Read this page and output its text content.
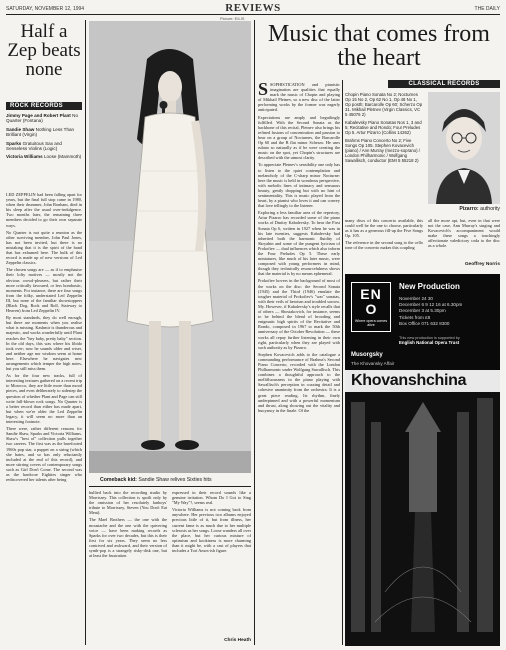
SATURDAY, NOVEMBER 12, 1994	REVIEWS	THE DAILY
Half a Zep beats none
ROCK RECORDS
Jimmy Page and Robert Plant No Quarter (Fontana)
Sandie Shaw Nothing Less Than Brilliant (Virgin)
Sparks Gratuitous Sax and Senseless Violins (Logic)
Victoria Williams Loose (Mammoth)

LED ZEPPELIN had been falling apart for years, but the final full stop came in 1980, when their drummer, John Bonham, died in his sleep after the usual over-indulgence. Two months later, the remaining three members decided to go their own separate ways.

No Quarter is not quite a reunion as the other surviving member, John Paul Jones, has not been invited, but there is no mistaking that it is the spirit of the band that has exhumed here. The bulk of this record is made up of new versions of Led Zeppelin classics.

The chosen songs are — as if to emphasise their lofty motives — mostly not the obvious crowd-pleasers, but rather their more critically favoured, or less bombastic, moments. For instance, there are four songs from the folky, understated Led Zeppelin III, but none of the familiar showstoppers (Black Dog, Rock and Roll, Stairway to Heaven) from Led Zeppelin IV.

By most standards, they do well enough, but there are moments when you realise what is missing. Kashmir is thunderous and majestic, and works wonderfully until Plant reaches the "hey baby, pretty baby" section. In the old days, this was where his libido took over; now he sounds older and wiser, and neither age nor wisdom seem at home here. Elsewhere he navigates new arrangements which temper the high notes, but you still miss them.

As for the four new tracks, full of interesting textures gathered on a recent trip to Morocco, they are little more than mood pieces, and even deliberately to sidestep the question of whether Plant and Page can still write full-blown rock songs. No Quarter is a better record than either has made apart, but when we're older the Led Zeppelin legacy, it will seem no more than an interesting footnote.

There were, rather different reasons for Sandie Shaw, Sparks and Victoria Williams. Shaw's "best of" collection pulls together two careers. The first was as the barefooted 1960s pop star, a puppet on a string (which she hates, and so has only reluctantly included at the end of this record), and more stirring covers of contemporary songs such as Girl Don't Come. The second was as the hardcore Eighties singer who rediscovered her talents after being

Picture: EILIS
Comeback kid: Sandie Shaw relives Sixties hits

bullied back into the recording studio by Morrissey. This collection is spoilt only by the omission of her resolutely fanboys' tribute to Morrissey, Steven (You Don't Eat Meat).

The Mael Brothers — the one with the moustache and the one with the quivering voice — have been making records as Sparks for over two decades, but this is their first for six years. They seem no less contrived and awkward, and their version of synth-pop is a strangely risky-disk one, but at least the frustration

expressed in their record sounds like a genuine irritation. Whom Do I Got to Sing "My Way"?, seems real.

Victoria Williams is not coming back from anywhere. Her previous two albums enjoyed precious little of it, but from illness, her current fame is as much due to her multiple sclerosis as her songs. Loose wanders all over the place, but her curious mixture of optimism and kookiness is more charming than it might be, with a cast of players that includes a Tori Amos-ish figure.

Chris Heath
Music that comes from the heart
CLASSICAL RECORDS

SSOPHISTICATION and pianistic imagination are qualities that equally mark the music of Chopin and playing of Mikhail Pletnev, so a new disc of the latter performing works by the former was eagerly anticipated.

Expectations are amply and beguilingly fulfilled. With the Second Sonata as the backbone of this recital, Pletnev also brings his refined fusions of concentration and passion to bear on a group of Nocturnes, the Barcarolle Op 60 and the B flat minor Scherzo. He uses rubato so naturally as if he were creating the music on the spot, yet Chopin's structures are described with the utmost clarity.

To appreciate Pletnev's sensibility one only has to listen to the quiet contemplation and melancholy of the C-sharp minor Nocturne: here the music is held in wondrous perspective, with melodic lines of intimacy and sensuous beauty, gently dropping but with no hint of sentimentality. This is music played from the heart, by a pianist who loves it and can convey that love tellingly to the listener.

Exploring a less familiar area of the repertory, Artur Pizarro has recorded some of the piano works of Dmitry Kabalevsky. To hear the First Sonata Op 6, written in 1927 when he was in his late twenties, suggests Kabalevsky had inherited both the harmonic fluidity of Skryabin and some of the pungent lyricism of Prokofiev — dual influences which also inform the Four Preludes Op 5. These early miniatures, like much of his later music, were composed with young performers in mind, though they technically resourcefulness shows that the material is by no means ephemeral.

Prokofiev hovers in the background of most of the works on the disc: the Second Sonata (1945) and the Third (1946) emulate the tougher material of Prokofiev's "war" sonatas, with their veils of heroism and troubled sorrow. My. However, if Kabalevsky's style recalls that of others — Shostakovich, for instance, seems to be behind the blend of brooding and enigmatic high spirits of the Recitative and Rondo, composed in 1967 to mark the 50th anniversary of the October Revolution — these works all repay further listening in their own right, particularly when they are played with such authority as by Pizarro.

Stephen Kovacevich adds to the catalogue a commanding performance of Brahms's Second Piano Concerto, recorded with the London Philharmonic under Wolfgang Sawallisch. This combines a thoughtful approach to the mellifluousness in the piano playing with Sawallisch's perception in coaxing detail and cohesive unanimity from the orchestra. It is a great piece reading. Its rhythm, finely underpinned and with a powerful momentum and thrust, along showing out the vitality and buoyancy in the finale. Of the

Chopin Piano Sonata No 2; Nocturnes Op 15 No 2, Op 62 No 1, Op 48 No 1, Op posth; Barcarolle Op 60; Scherzo Op 31. Mikhail Pletnev (Virgin Classics, VC 5 45076 2)
Kabalevsky Piano Sonatas Nos 1, 3 and 5; Recitative and Rondo; Four Preludes Op 5. Artur Pizarro (Collins 14262)
Brahms Piano Concerto No 2; Five Songs Op 105. Stephen Kovacevich (piano) / Ann Murray (mezzo-soprano) / London Philharmonic / Wolfgang Sawallisch, conductor (EMI 5 55218 2)

many discs of this concerto available, this could well be the one to choose, particularly as it has as a generous fill-up the Five Songs Op. 105.

The reference in the second song to the cello tone of the concerto makes this coupling

Pizarro: authority

all the more apt, but, even in that were not the case, Ann Murray's singing and Kovacevich's accompaniment would make these songs a touchingly affectionate valedictory coda to the disc as a whole.

Geoffrey Norris
EN
O
Where opera comes alive
New Production
November 24 30
December 6 9 12 16 at 6.30pm
December 3 at 5.30pm
Tickets from £8
Box Office 071 632 8300
This new production is supported by
English National Opera Trust
Musorgsky
The Khovansky Affair
Khovanshchina
